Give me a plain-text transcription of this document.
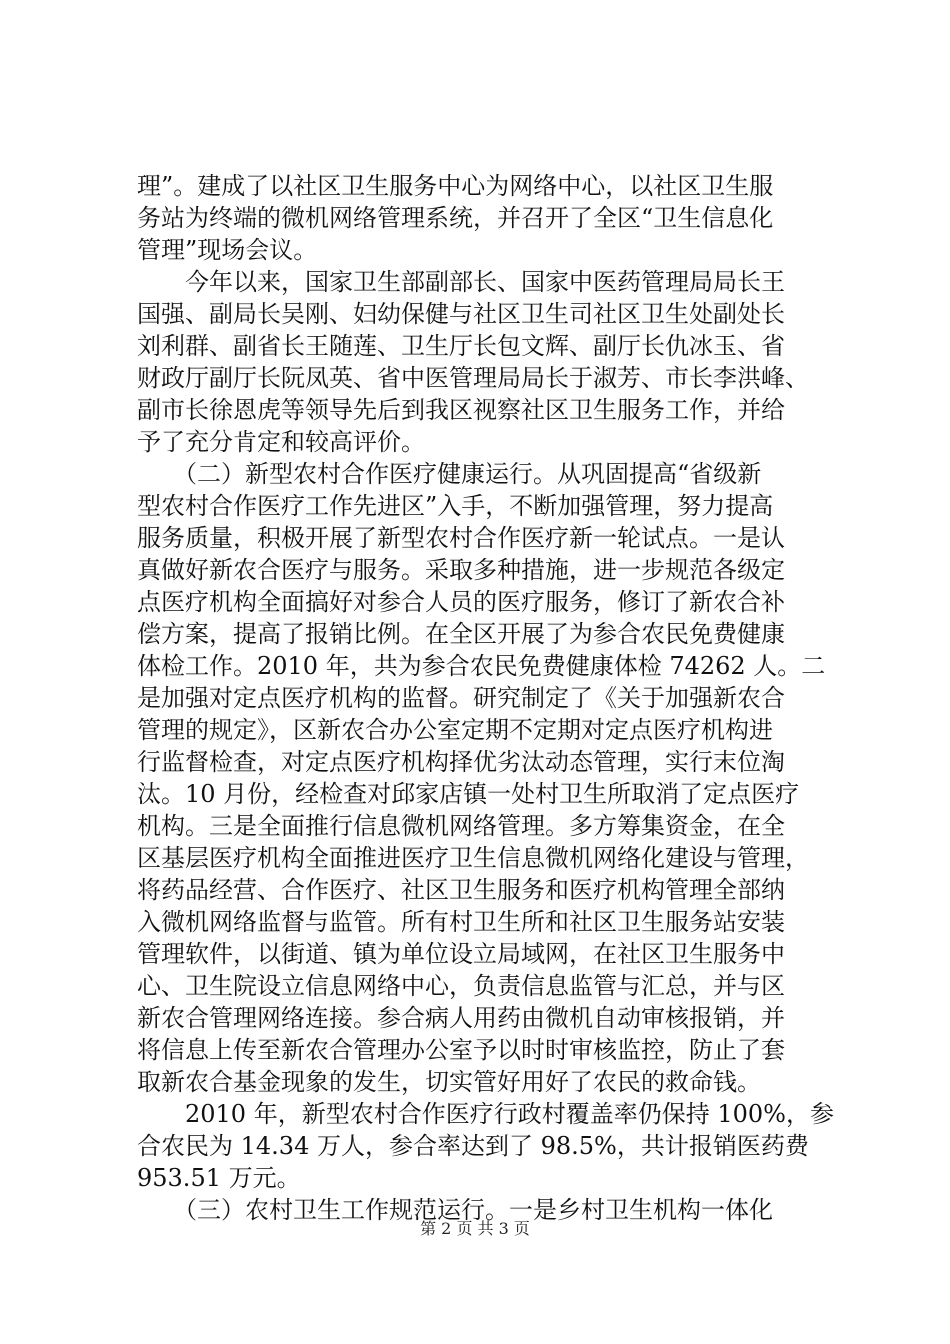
理”。建成了以社区卫生服务中心为网络中心，以社区卫生服
务站为终端的微机网络管理系统，并召开了全区“卫生信息化
管理”现场会议。
　　今年以来，国家卫生部副部长、国家中医药管理局局长王
国强、副局长吴刚、妇幼保健与社区卫生司社区卫生处副处长
刘利群、副省长王随莲、卫生厅长包文辉、副厅长仇冰玉、省
财政厅副厅长阮凤英、省中医管理局局长于淑芳、市长李洪峰、
副市长徐恩虎等领导先后到我区视察社区卫生服务工作，并给
予了充分肯定和较高评价。
　　（二）新型农村合作医疗健康运行。从巩固提高“省级新
型农村合作医疗工作先进区”入手，不断加强管理，努力提高
服务质量，积极开展了新型农村合作医疗新一轮试点。一是认
真做好新农合医疗与服务。采取多种措施，进一步规范各级定
点医疗机构全面搞好对参合人员的医疗服务，修订了新农合补
偿方案，提高了报销比例。在全区开展了为参合农民免费健康
体检工作。2010 年，共为参合农民免费健康体检 74262 人。二
是加强对定点医疗机构的监督。研究制定了《关于加强新农合
管理的规定》，区新农合办公室定期不定期对定点医疗机构进
行监督检查，对定点医疗机构择优劣汰动态管理，实行末位淘
汰。10 月份，经检查对邱家店镇一处村卫生所取消了定点医疗
机构。三是全面推行信息微机网络管理。多方筹集资金，在全
区基层医疗机构全面推进医疗卫生信息微机网络化建设与管理，
将药品经营、合作医疗、社区卫生服务和医疗机构管理全部纳
入微机网络监督与监管。所有村卫生所和社区卫生服务站安装
管理软件，以街道、镇为单位设立局域网，在社区卫生服务中
心、卫生院设立信息网络中心，负责信息监管与汇总，并与区
新农合管理网络连接。参合病人用药由微机自动审核报销，并
将信息上传至新农合管理办公室予以时时审核监控，防止了套
取新农合基金现象的发生，切实管好用好了农民的救命钱。
　　2010 年，新型农村合作医疗行政村覆盖率仍保持 100%，参
合农民为 14.34 万人，参合率达到了 98.5%，共计报销医药费
953.51 万元。
　　（三）农村卫生工作规范运行。一是乡村卫生机构一体化
第 2 页 共 3 页
